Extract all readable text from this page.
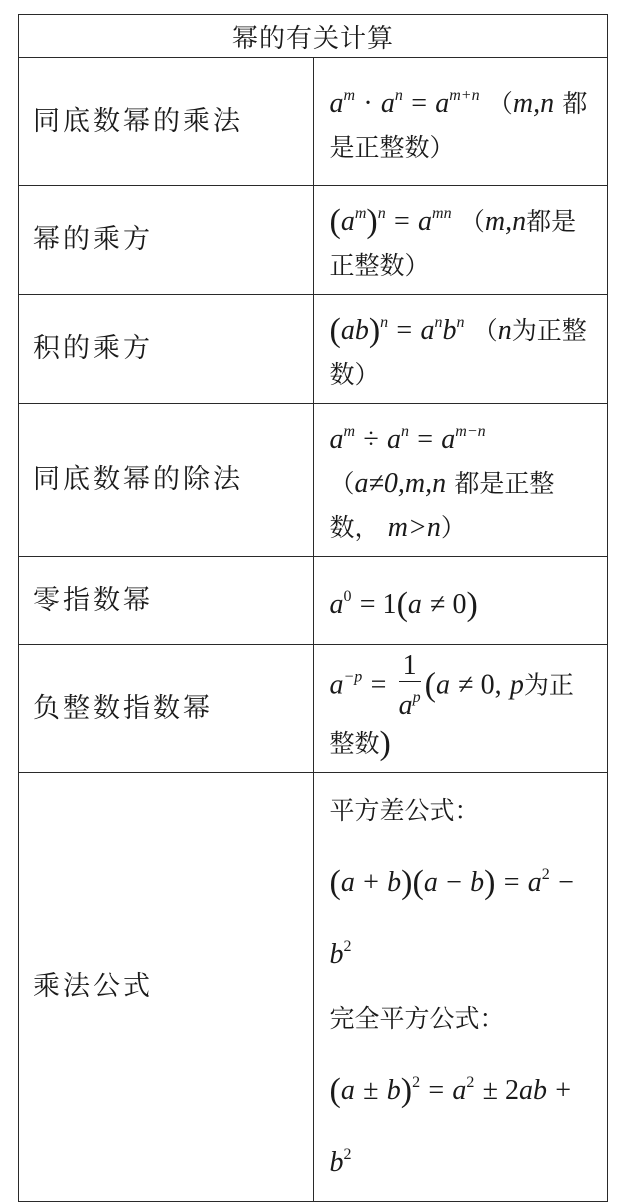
幂的有关计算	
同底数幂的乘法	$a^m \cdot a^n = a^{m+n}$ （m,n 都是正整数）

幂的乘方	$(a^m)^n = a^{mn}$ （m,n都是正整数）
积的乘方	$(ab)^n = a^nb^n$ （n为正整数）
同底数幂的除法	$a^m \div a^n = a^{m-n}$ （a≠0,m,n 都是正整数， m>n）

零指数幂	$a^0 = 1(a \ne 0)$
负整数指数幂	$a^{-p} = \frac{1}{a^p} (a \ne 0$, p为正整数)
乘法公式	平方差公式：
$(a + b)(a - b) = a^2 - b^2$
完全平方公式：
$(a \pm b)^2 = a^2 \pm 2ab + b^2$
